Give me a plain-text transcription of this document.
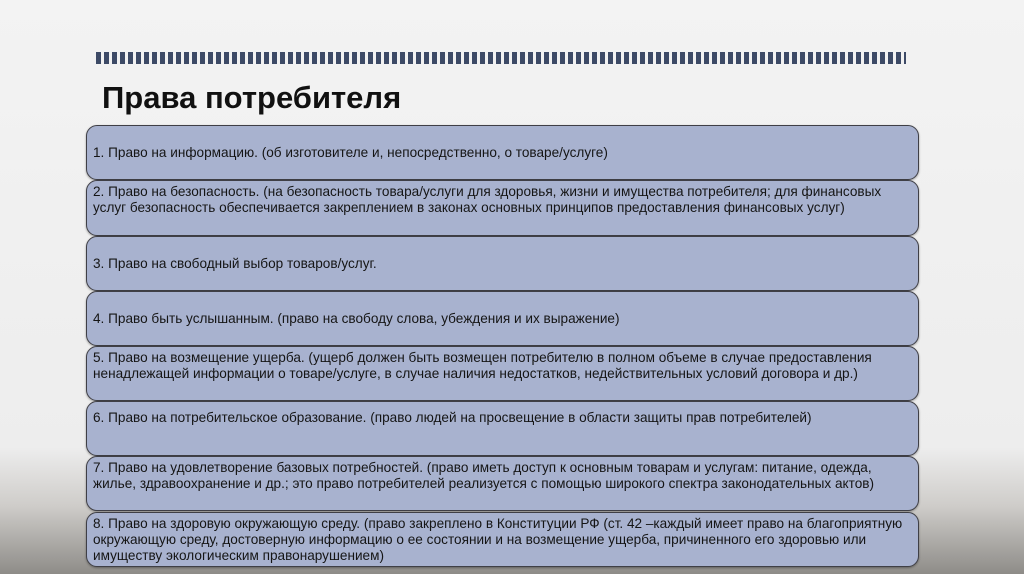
Права потребителя
1. Право на информацию. (об изготовителе и, непосредственно, о товаре/услуге)
2. Право на безопасность. (на безопасность товара/услуги для здоровья, жизни и имущества потребителя; для финансовых услуг безопасность обеспечивается закреплением в законах основных принципов предоставления финансовых услуг)
3. Право на свободный выбор товаров/услуг.
4. Право быть услышанным. (право на свободу слова, убеждения и их выражение)
5. Право на возмещение ущерба. (ущерб должен быть возмещен потребителю в полном объеме в случае предоставления ненадлежащей информации о товаре/услуге, в случае наличия недостатков, недействительных условий договора и др.)
6. Право на потребительское образование. (право людей на просвещение в области защиты прав потребителей)
7. Право на удовлетворение базовых потребностей. (право иметь доступ к основным товарам и услугам: питание, одежда, жилье, здравоохранение и др.; это право потребителей реализуется с помощью широкого спектра законодательных актов)
8. Право на здоровую окружающую среду. (право закреплено в Конституции РФ (ст. 42 –каждый имеет право на благоприятную окружающую среду, достоверную информацию о ее состоянии и на возмещение ущерба, причиненного его здоровью или имуществу экологическим правонарушением)
